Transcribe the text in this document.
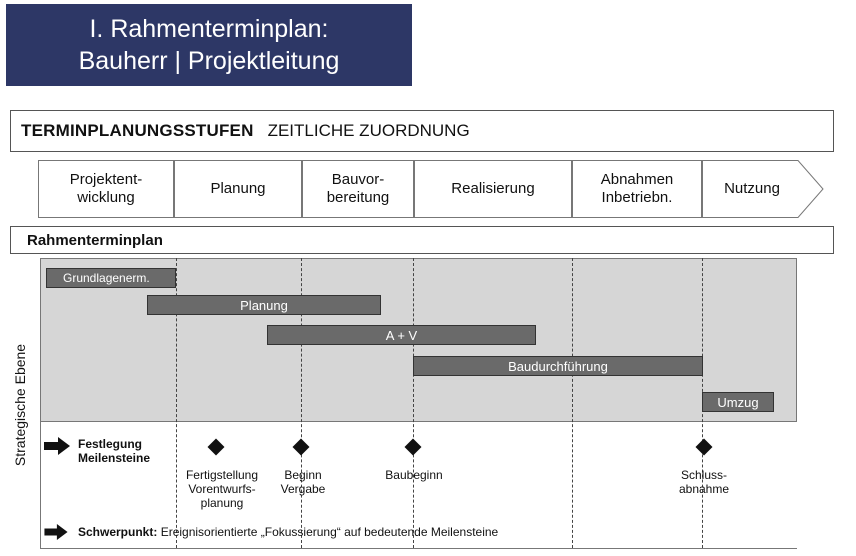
I. Rahmenterminplan:
Bauherr | Projektleitung
TERMINPLANUNGSSTUFEN ZEITLICHE ZUORDNUNG
Projektent-
wicklung
Planung
Bauvor-
bereitung
Realisierung
Abnahmen
Inbetriebn.
Nutzung
Rahmenterminplan
Grundlagenerm.
Planung
A + V
Baudurchführung
Umzug
Strategische Ebene	Festlegung
Meilensteine
Fertigstellung
Vorentwurfs-
planung
Beginn
Vergabe
Baubeginn	Schluss-
abnahme
Schwerpunkt: Ereignisorientierte „Fokussierung“ auf bedeutende Meilensteine
